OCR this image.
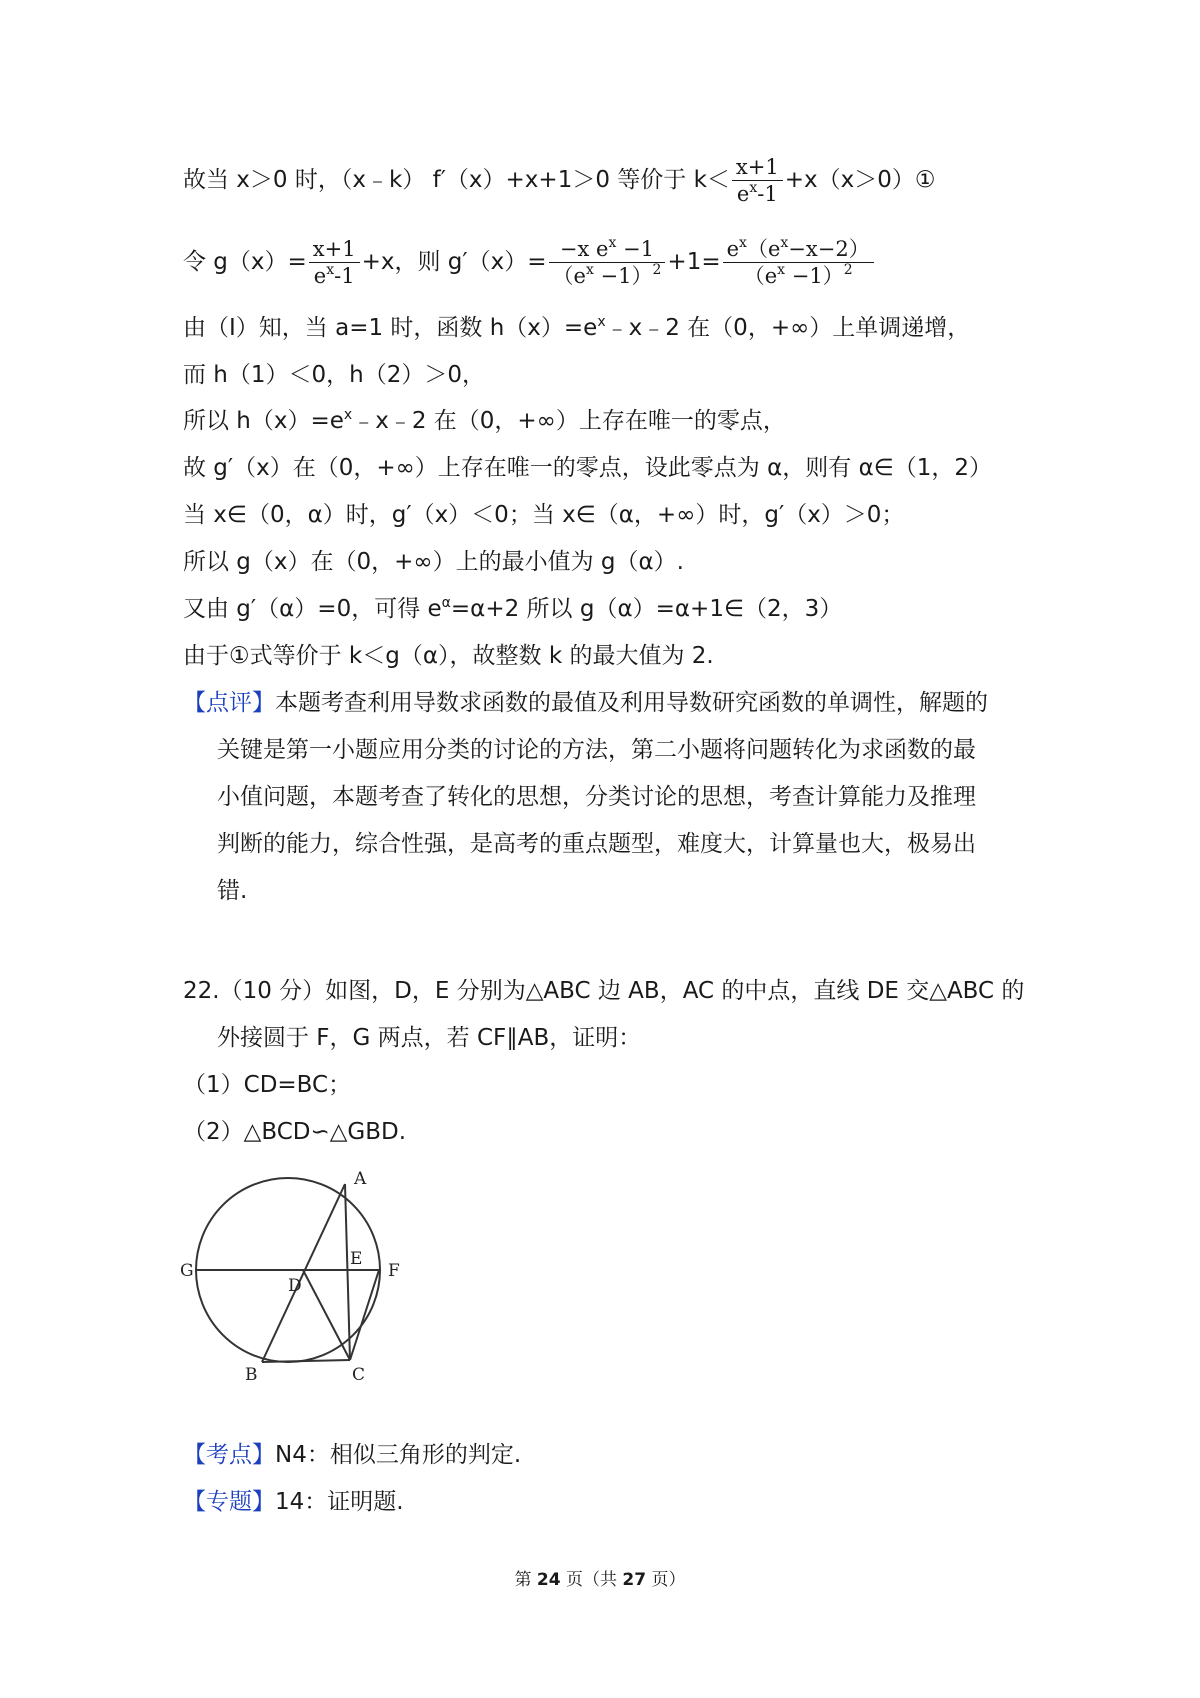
故当 x＞0 时，（x﹣k） f′（x）+x+1＞0 等价于 $k< \frac{x+1}{e^x-1}$ +x（x＞0）①
令 $g(x)= \frac{x+1}{e^x-1} +x$，则 $g'(x)= \frac{-x e^x -1}{(e^x -1)^2} +1= \frac{e^x(e^x-x-2)}{(e^x -1)^2}$
由（I）知，当 a=1 时，函数 $h(x)=e^x﹣x﹣2$ 在（0，+∞）上单调递增，
而 h（1）＜0，h（2）＞0，
所以 $h(x)=e^x﹣x﹣2$ 在（0，+∞）上存在唯一的零点，
故 g′（x）在（0，+∞）上存在唯一的零点，设此零点为 α，则有 α∈（1，2）
当 x∈（0，α）时，g′（x）＜0；当 x∈（α，+∞）时，g′（x）＞0；
所以 g（x）在（0，+∞）上的最小值为 g（α）.
又由 g′（α）=0，可得 $e^\alpha=\alpha+2$ 所以 g（α）=α+1∈（2，3）
由于①式等价于 k＜g（α），故整数 k 的最大值为 2.
【点评】本题考查利用导数求函数的最值及利用导数研究函数的单调性，解题的
关键是第一小题应用分类的讨论的方法，第二小题将问题转化为求函数的最
小值问题，本题考查了转化的思想，分类讨论的思想，考查计算能力及推理
判断的能力，综合性强，是高考的重点题型，难度大，计算量也大，极易出
错.
22.（10 分）如图，D，E 分别为△ABC 边 AB，AC 的中点，直线 DE 交△ABC 的
外接圆于 F，G 两点，若 CF∥AB，证明：
（1）CD=BC；
（2）△BCD∽△GBD.
A
B	C
D
E
F
G
【考点】N4：相似三角形的判定.
【专题】14：证明题.
第 24 页（共 27 页）
